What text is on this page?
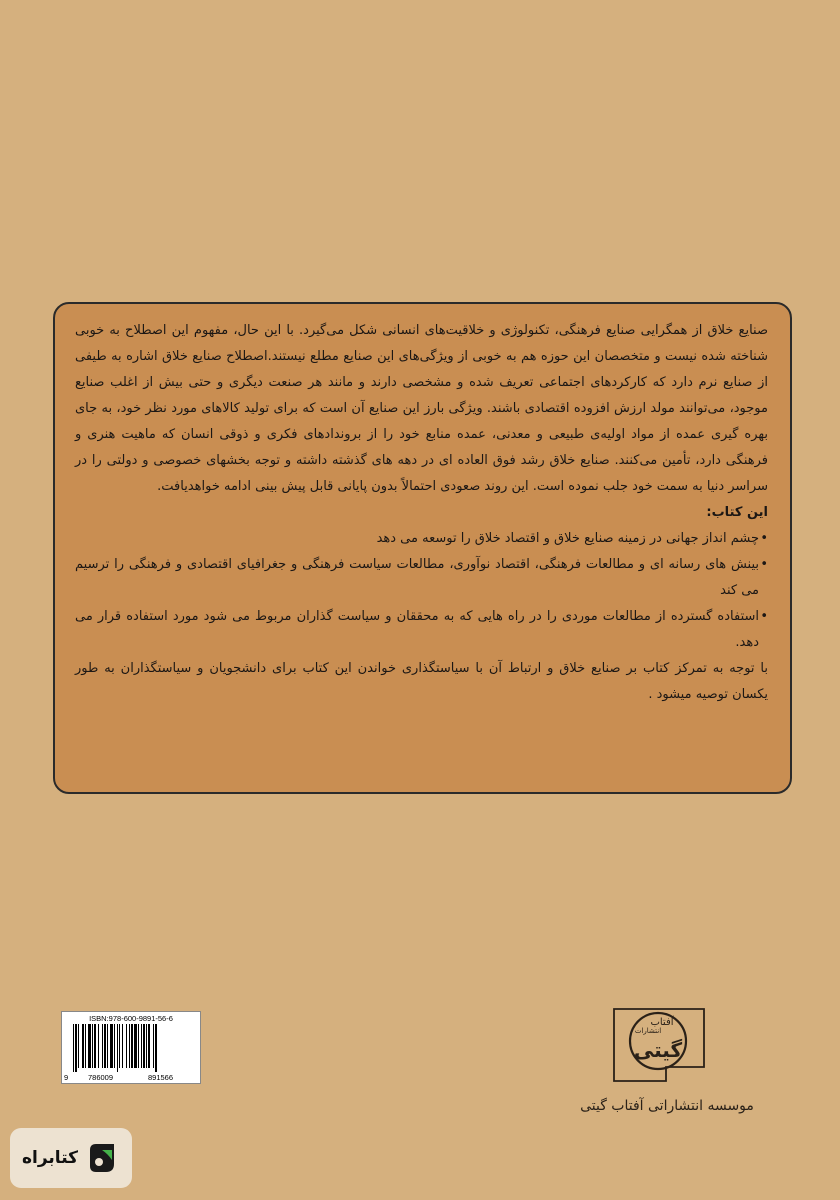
صنایع خلاق از همگرایی صنایع فرهنگی، تکنولوژی و خلاقیت‌های انسانی شکل می‌گیرد. با این حال، مفهوم این اصطلاح به خوبی شناخته شده نیست و متخصصان این حوزه هم به خوبی از ویژگی‌های این صنایع مطلع نیستند.اصطلاح صنایع خلاق اشاره به طیفی از صنایع نرم دارد که کارکردهای اجتماعی تعریف شده و مشخصی دارند و مانند هر صنعت دیگری و حتی بیش از اغلب صنایع موجود، می‌توانند مولد ارزش افزوده اقتصادی باشند. ویژگی بارز این صنایع آن است که برای تولید کالاهای مورد نظر خود، به جای بهره گیری عمده از مواد اولیه‌ی طبیعی و معدنی، عمده منابع خود را از بروندادهای فکری و ذوقی انسان که ماهیت هنری و فرهنگی دارد، تأمین می‌کنند. صنایع خلاق رشد فوق العاده ای در دهه های گذشته داشته و توجه بخشهای خصوصی و دولتی را در سراسر دنیا به سمت خود جلب نموده است. این روند صعودی احتمالاً بدون پایانی قابل پیش بینی ادامه خواهدیافت.

این کتاب:

• چشم انداز جهانی در زمینه صنایع خلاق و اقتصاد خلاق را توسعه می دهد
• بینش های رسانه ای و مطالعات فرهنگی، اقتصاد نوآوری، مطالعات سیاست فرهنگی و جغرافیای اقتصادی و فرهنگی را ترسیم می کند
• استفاده گسترده از مطالعات موردی را در راه هایی که به محققان و سیاست گذاران مربوط می شود مورد استفاده قرار می دهد.

با توجه به تمرکز کتاب بر صنایع خلاق و ارتباط آن با سیاستگذاری خواندن این کتاب برای دانشجویان و سیاستگذاران به طور یکسان توصیه میشود .

ISBN:978-600-9891-56-6
9	786009	891566
آفتاب
انتشارات
گیتی
موسسه انتشاراتی آفتاب گیتی
کتابراه
